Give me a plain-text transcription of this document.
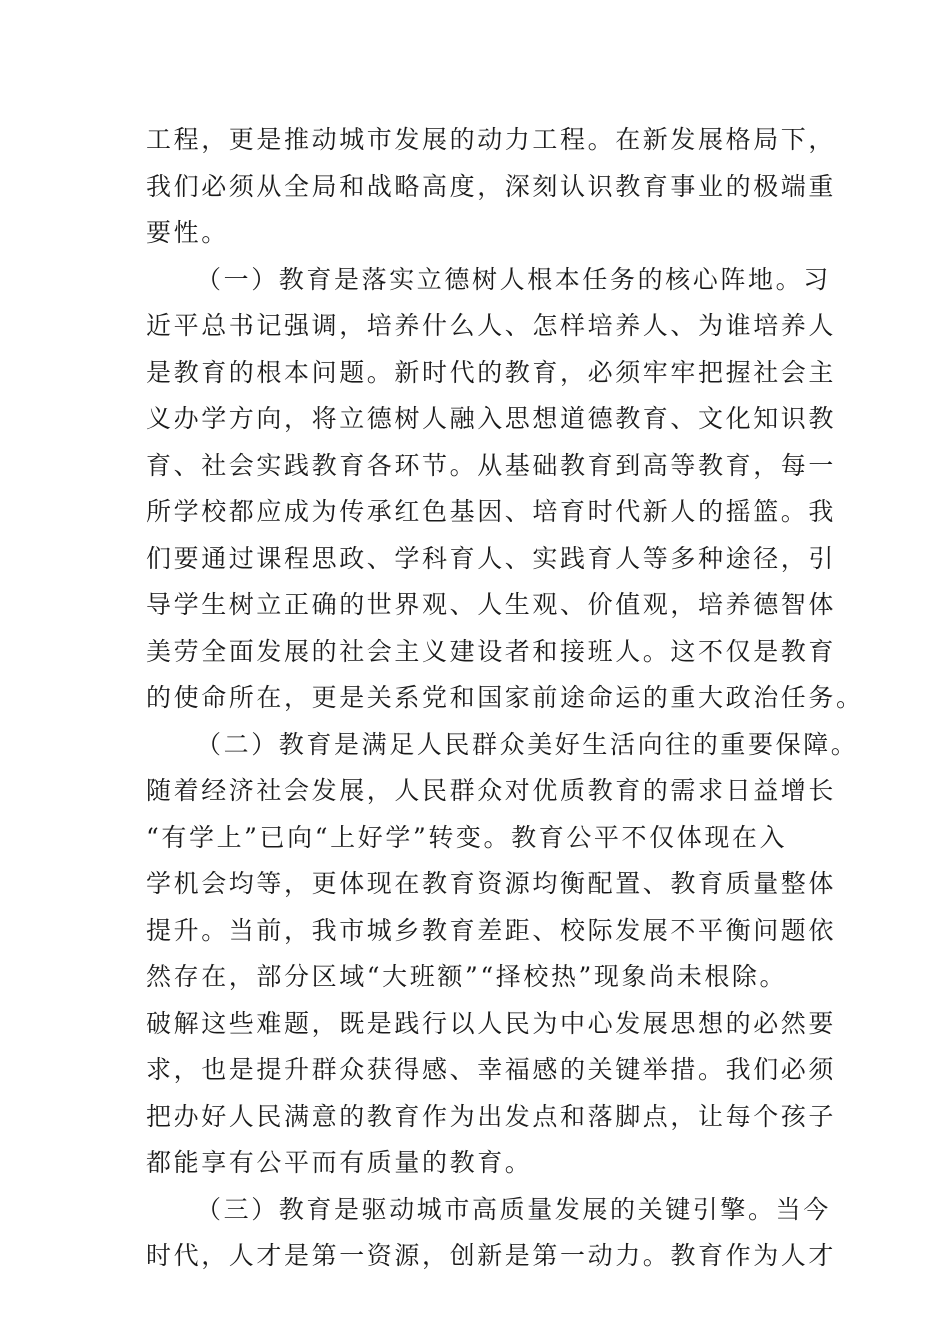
工程，更是推动城市发展的动力工程。在新发展格局下，
我们必须从全局和战略高度，深刻认识教育事业的极端重
要性。
（一）教育是落实立德树人根本任务的核心阵地。习
近平总书记强调，培养什么人、怎样培养人、为谁培养人
是教育的根本问题。新时代的教育，必须牢牢把握社会主
义办学方向，将立德树人融入思想道德教育、文化知识教
育、社会实践教育各环节。从基础教育到高等教育，每一
所学校都应成为传承红色基因、培育时代新人的摇篮。我
们要通过课程思政、学科育人、实践育人等多种途径，引
导学生树立正确的世界观、人生观、价值观，培养德智体
美劳全面发展的社会主义建设者和接班人。这不仅是教育
的使命所在，更是关系党和国家前途命运的重大政治任务。
（二）教育是满足人民群众美好生活向往的重要保障。
随着经济社会发展，人民群众对优质教育的需求日益增长
“有学上”已向“上好学”转变。教育公平不仅体现在入
学机会均等，更体现在教育资源均衡配置、教育质量整体
提升。当前，我市城乡教育差距、校际发展不平衡问题依
然存在，部分区域“大班额”“择校热”现象尚未根除。
破解这些难题，既是践行以人民为中心发展思想的必然要
求，也是提升群众获得感、幸福感的关键举措。我们必须
把办好人民满意的教育作为出发点和落脚点，让每个孩子
都能享有公平而有质量的教育。
（三）教育是驱动城市高质量发展的关键引擎。当今
时代，人才是第一资源，创新是第一动力。教育作为人才
